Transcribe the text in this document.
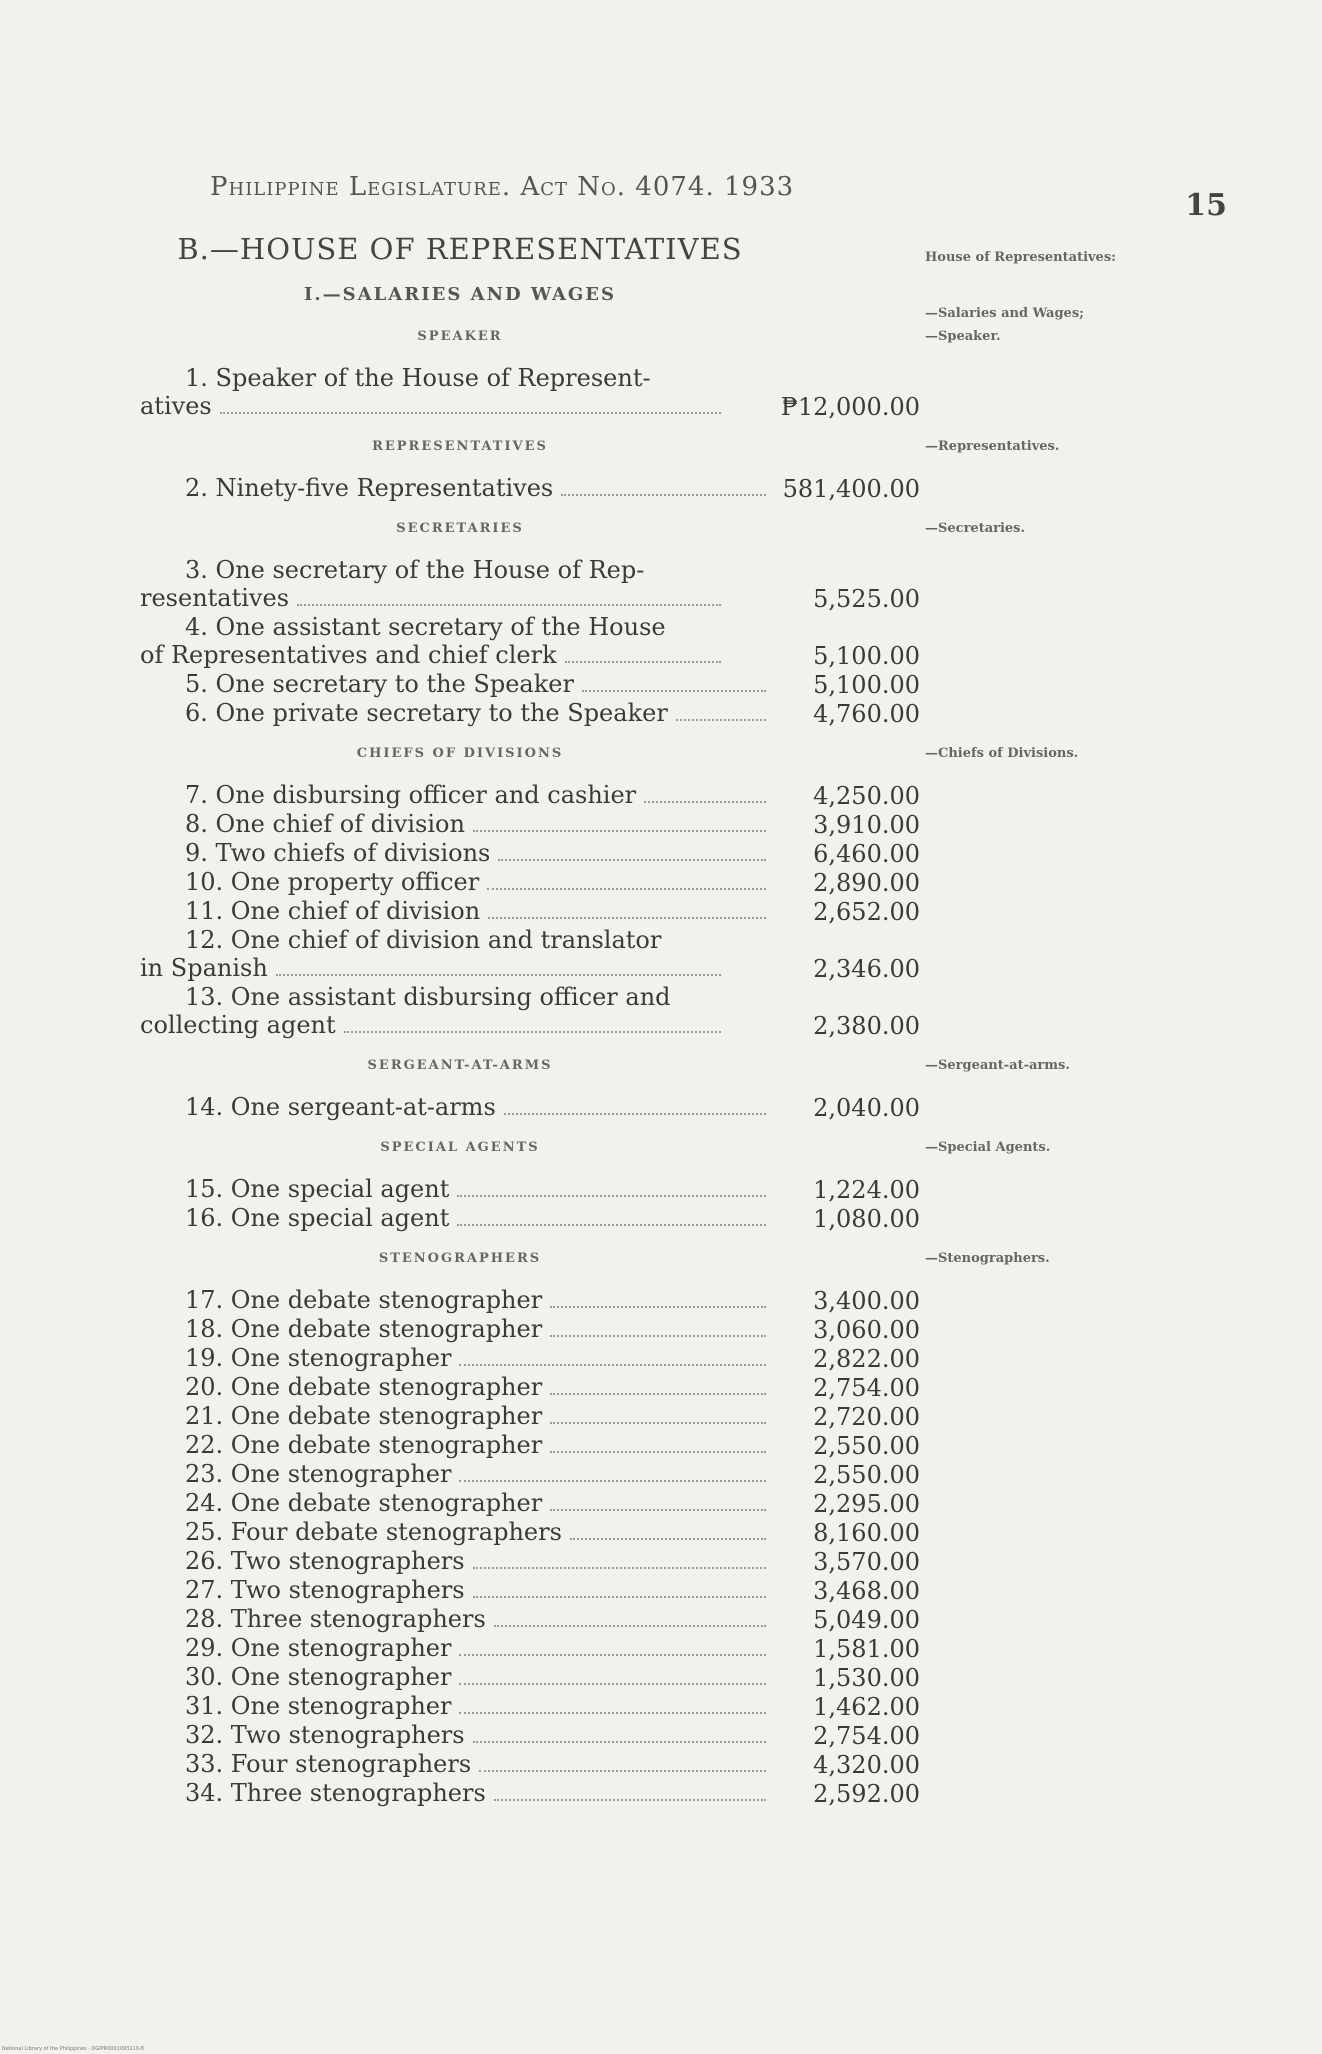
Philippine Legislature. Act No. 4074. 1933
15
B.—HOUSE OF REPRESENTATIVES
I.—SALARIES AND WAGES
SPEAKER
1. Speaker of the House of Represent-
atives	₱12,000.00
REPRESENTATIVES
2. Ninety-five Representatives	581,400.00
SECRETARIES
3. One secretary of the House of Rep-
resentatives	5,525.00
4. One assistant secretary of the House
of Representatives and chief clerk	5,100.00
5. One secretary to the Speaker	5,100.00
6. One private secretary to the Speaker	4,760.00
CHIEFS OF DIVISIONS
7. One disbursing officer and cashier	4,250.00
8. One chief of division	3,910.00
9. Two chiefs of divisions	6,460.00
10. One property officer	2,890.00
11. One chief of division	2,652.00
12. One chief of division and translator
in Spanish	2,346.00
13. One assistant disbursing officer and
collecting agent	2,380.00
SERGEANT-AT-ARMS
14. One sergeant-at-arms	2,040.00
SPECIAL AGENTS
15. One special agent	1,224.00
16. One special agent	1,080.00
STENOGRAPHERS
17. One debate stenographer	3,400.00
18. One debate stenographer	3,060.00
19. One stenographer	2,822.00
20. One debate stenographer	2,754.00
21. One debate stenographer	2,720.00
22. One debate stenographer	2,550.00
23. One stenographer	2,550.00
24. One debate stenographer	2,295.00
25. Four debate stenographers	8,160.00
26. Two stenographers	3,570.00
27. Two stenographers	3,468.00
28. Three stenographers	5,049.00
29. One stenographer	1,581.00
30. One stenographer	1,530.00
31. One stenographer	1,462.00
32. Two stenographers	2,754.00
33. Four stenographers	4,320.00
34. Three stenographers	2,592.00
House of Representatives:
—Salaries and Wages;
—Speaker.
—Representatives.
—Secretaries.
—Chiefs of Divisions.
—Sergeant-at-arms.
—Special Agents.
—Stenographers.
National Library of the Philippines · DGIPR0001093110-8
